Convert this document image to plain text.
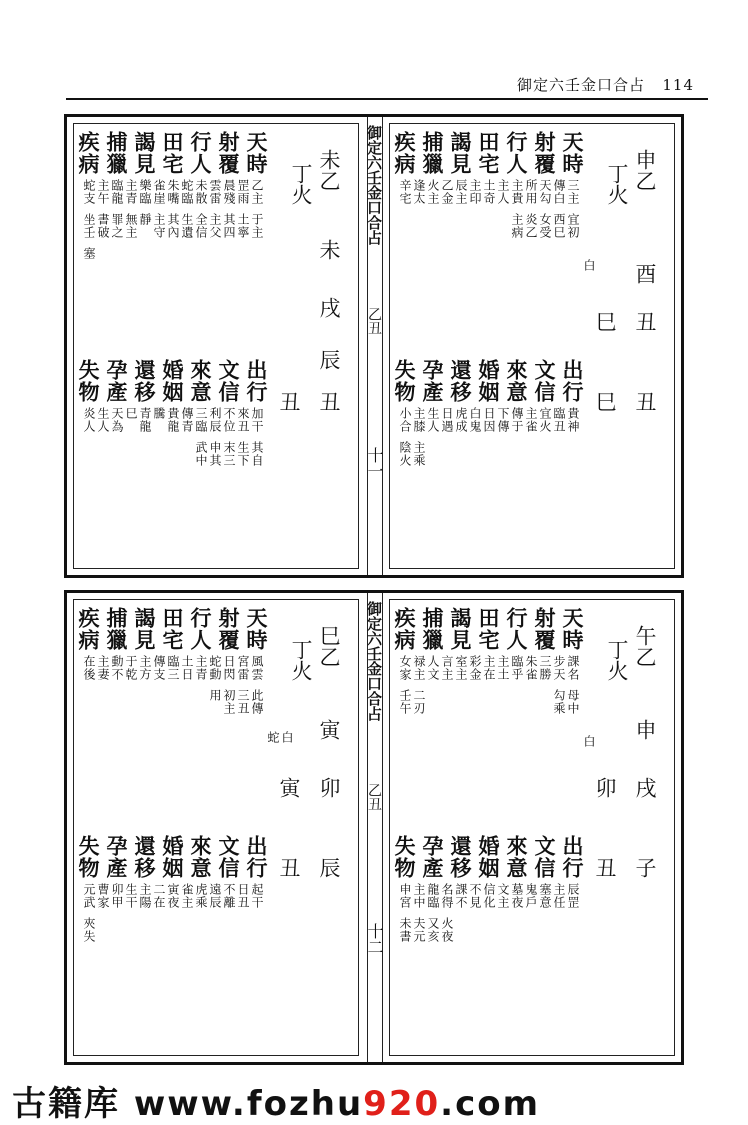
御定六壬金口合占 114
未乙
丁火
未
戌
辰
丑
丑
天時
射覆
行人
田宅
謁見
捕獵
疾病
乙主
罡雨
晨殘
雲雷
未散
蛇臨
朱嘴
雀崖
樂臨
主青
臨龍
主午
蛇支
于主
土寧
其四
主父
全信
生遺
其內
主守
靜
無主
罪之
書破
坐壬
塞
出行
文信
來意
婚姻
還移
孕產
失物
加干
來丑
不位
利辰
三臨
傳青
貴龍
騰
青龍
巳
天為
生人
炎人
其自
生下
末三
申其
武中
御定六壬金口合占
乙丑
十一
申乙
丁火
白 酉
丑
巳
丑
巳
天時
射覆
行人
田宅
謁見
捕獵
疾病
三主
傳白
天勾
所用
主貴
主人
土奇
主印
辰主
乙金
火主
逢太
辛宅
宜初
西巳
女受
炎乙
主病
出行
文信
來意
婚姻
還移
孕產
失物
貴神
臨丑
宜火
主雀
傳于
下傳
日因
白鬼
虎成
日遇
生人
主膝
小合
主乘
陰火
巳乙
丁火
蛇 白 寅
卯
寅
辰
丑
天時
射覆
行人
田宅
謁見
捕獵
疾病
風雲
宮雷
日閃
蛇動
主青
土日
臨三
傳支
主方
于乾
動不
主妻
在後
此傳
三丑
初主
用
出行
文信
來意
婚姻
還移
孕產
失物
起干
日丑
不離
遠辰
虎乘
雀主
寅夜
二在
主陽
生干
卯甲
曹家
元武
夾失
御定六壬金口合占
乙丑
十二
午乙
丁火
申
白
戌
卯
子
丑
天時
射覆
行人
田宅
謁見
捕獵
疾病
課名
步天
三勝
朱雀
臨乎
主土
主在
彩金
室主
言主
人文
禄主
女家
母中
勾乘
二刃
壬午
出行
文信
來意
婚姻
還移
孕產
失物
辰罡
主任
塞意
鬼戶
墓夜
文主
信化
不見
課不
名得
龍臨
主中
申宮
火夜
又亥
夫元
未書
古籍库 www.fozhu920.com
